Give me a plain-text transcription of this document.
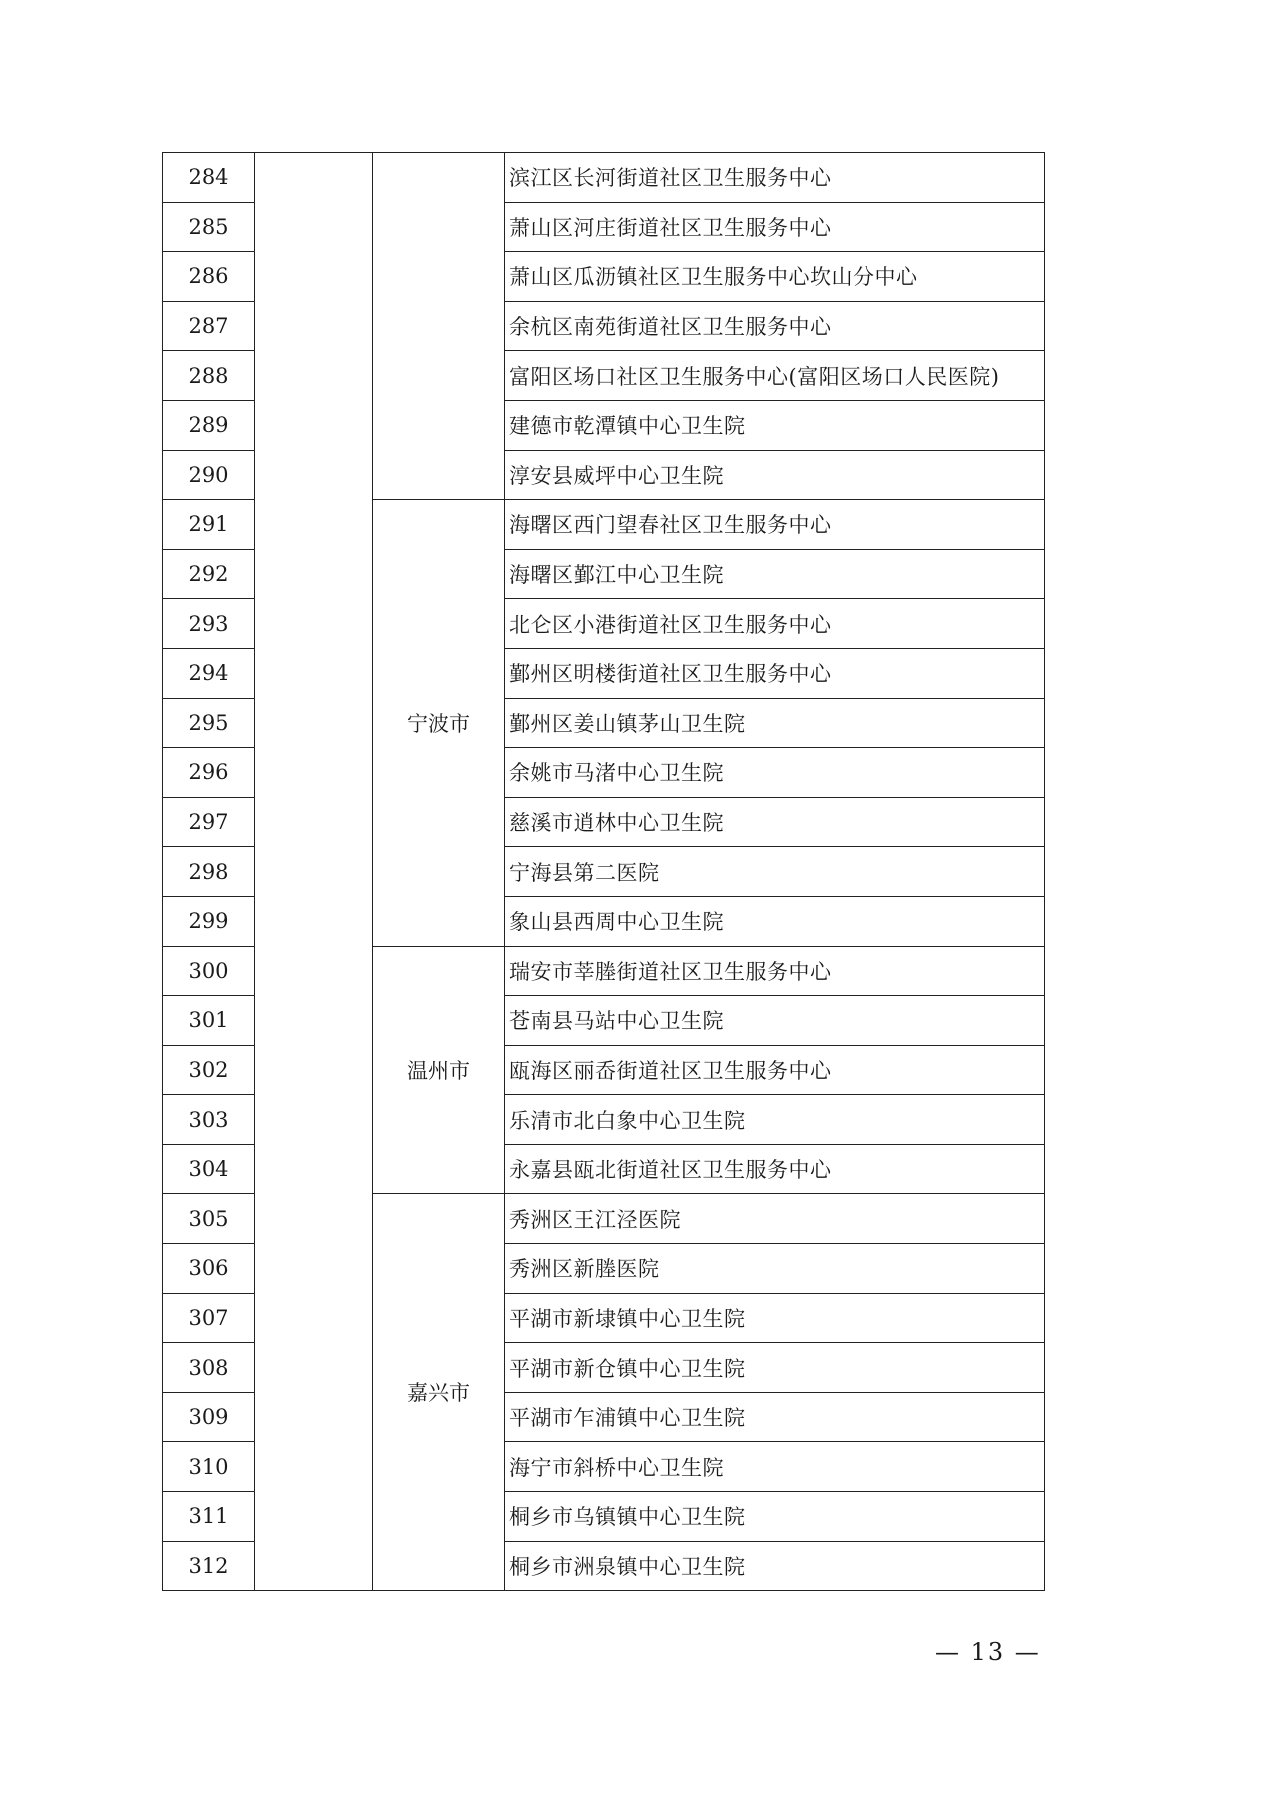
284			滨江区长河街道社区卫生服务中心
285			萧山区河庄街道社区卫生服务中心
286			萧山区瓜沥镇社区卫生服务中心坎山分中心
287			余杭区南苑街道社区卫生服务中心
288			富阳区场口社区卫生服务中心(富阳区场口人民医院)
289			建德市乾潭镇中心卫生院
290			淳安县威坪中心卫生院
291		宁波市	海曙区西门望春社区卫生服务中心
292			海曙区鄞江中心卫生院
293			北仑区小港街道社区卫生服务中心
294			鄞州区明楼街道社区卫生服务中心
295			鄞州区姜山镇茅山卫生院
296			余姚市马渚中心卫生院
297			慈溪市逍林中心卫生院
298			宁海县第二医院
299			象山县西周中心卫生院
300		温州市	瑞安市莘塍街道社区卫生服务中心
301			苍南县马站中心卫生院
302			瓯海区丽岙街道社区卫生服务中心
303			乐清市北白象中心卫生院
304			永嘉县瓯北街道社区卫生服务中心
305		嘉兴市	秀洲区王江泾医院
306			秀洲区新塍医院
307			平湖市新埭镇中心卫生院
308			平湖市新仓镇中心卫生院
309			平湖市乍浦镇中心卫生院
310			海宁市斜桥中心卫生院
311			桐乡市乌镇镇中心卫生院
312			桐乡市洲泉镇中心卫生院
— 13 —
